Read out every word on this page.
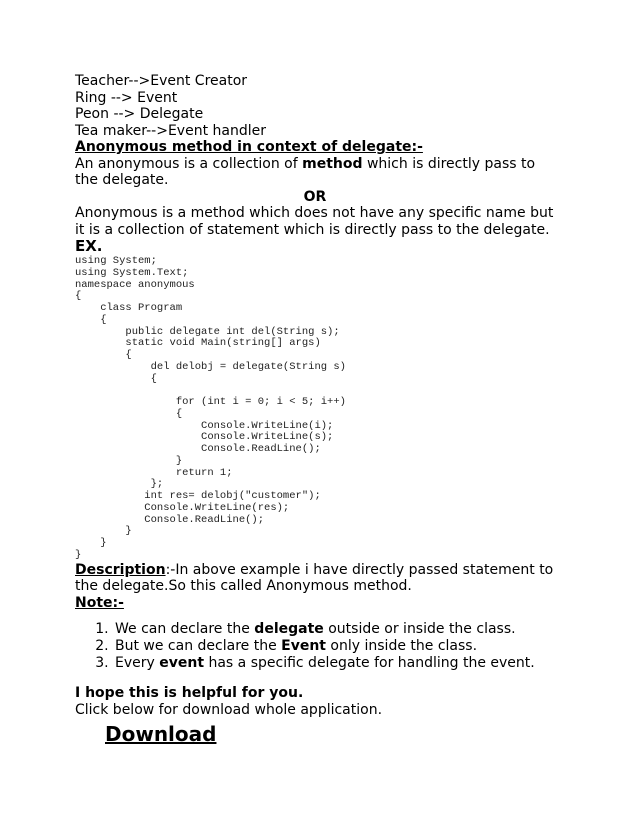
Teacher-->Event Creator
Ring --> Event
Peon --> Delegate
Tea maker-->Event handler
Anonymous method in context of delegate:-
An anonymous is a collection of method which is directly pass to the delegate.
OR
Anonymous is a method which does not have any specific name but it is a collection of statement which is directly pass to the delegate.
EX.
using System;
using System.Text;
namespace anonymous
{
class Program
{
public delegate int del(String s);
static void Main(string[] args)
{
del delobj = delegate(String s)
{

for (int i = 0; i < 5; i++)
{
Console.WriteLine(i);
Console.WriteLine(s);
Console.ReadLine();
}
return 1;
};
int res= delobj("customer");
Console.WriteLine(res);
Console.ReadLine();
}
}
}
Description:-In above example i have directly passed statement to the delegate.So this called Anonymous method.
Note:-
1. We can declare the delegate outside or inside the class.
2. But we can declare the Event only inside the class.
3. Every event has a specific delegate for handling the event.
I hope this is helpful for you.
Click below for download whole application.
Download
